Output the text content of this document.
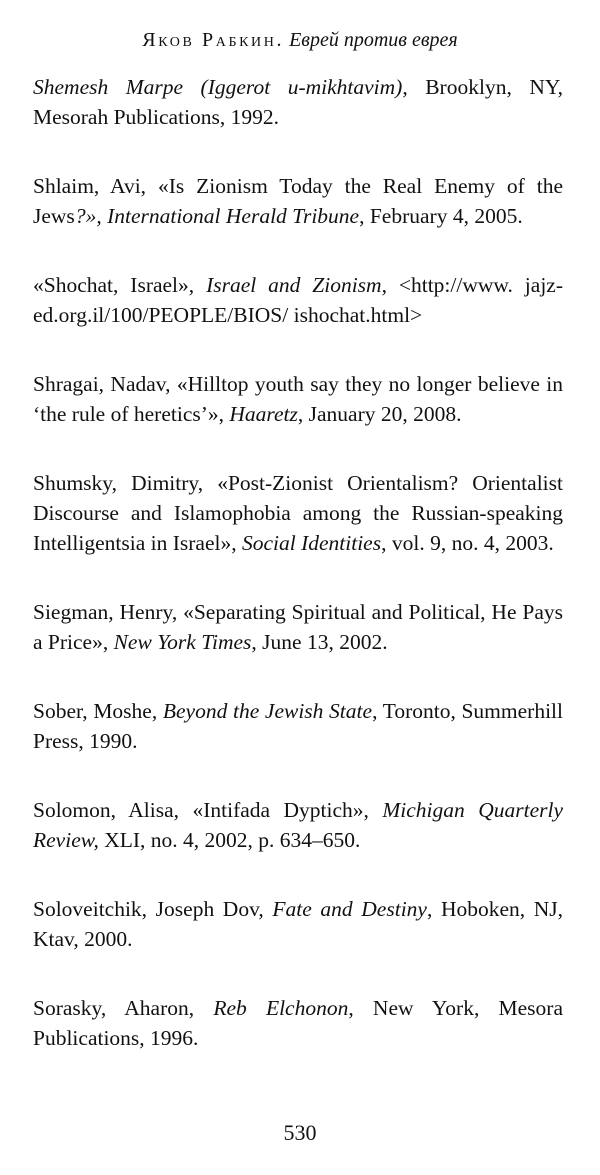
Яков Рабкин. Еврей против еврея
Shemesh Marpe (Iggerot u-mikhtavim), Brooklyn, NY, Mesorah Publications, 1992.
Shlaim, Avi, «Is Zionism Today the Real Enemy of the Jews?», International Herald Tribune, February 4, 2005.
«Shochat, Israel», Israel and Zionism, <http://www. jajz-ed.org.il/100/PEOPLE/BIOS/ ishochat.html>
Shragai, Nadav, «Hilltop youth say they no longer believe in ‘the rule of heretics’», Haaretz, January 20, 2008.
Shumsky, Dimitry, «Post-Zionist Orientalism? Orientalist Discourse and Islamophobia among the Russian-speaking Intelligentsia in Israel», Social Identities, vol. 9, no. 4, 2003.
Siegman, Henry, «Separating Spiritual and Political, He Pays a Price», New York Times, June 13, 2002.
Sober, Moshe, Beyond the Jewish State, Toronto, Summerhill Press, 1990.
Solomon, Alisa, «Intifada Dyptich», Michigan Quarterly Review, XLI, no. 4, 2002, p. 634–650.
Soloveitchik, Joseph Dov, Fate and Destiny, Hoboken, NJ, Ktav, 2000.
Sorasky, Aharon, Reb Elchonon, New York, Mesora Publications, 1996.
530
